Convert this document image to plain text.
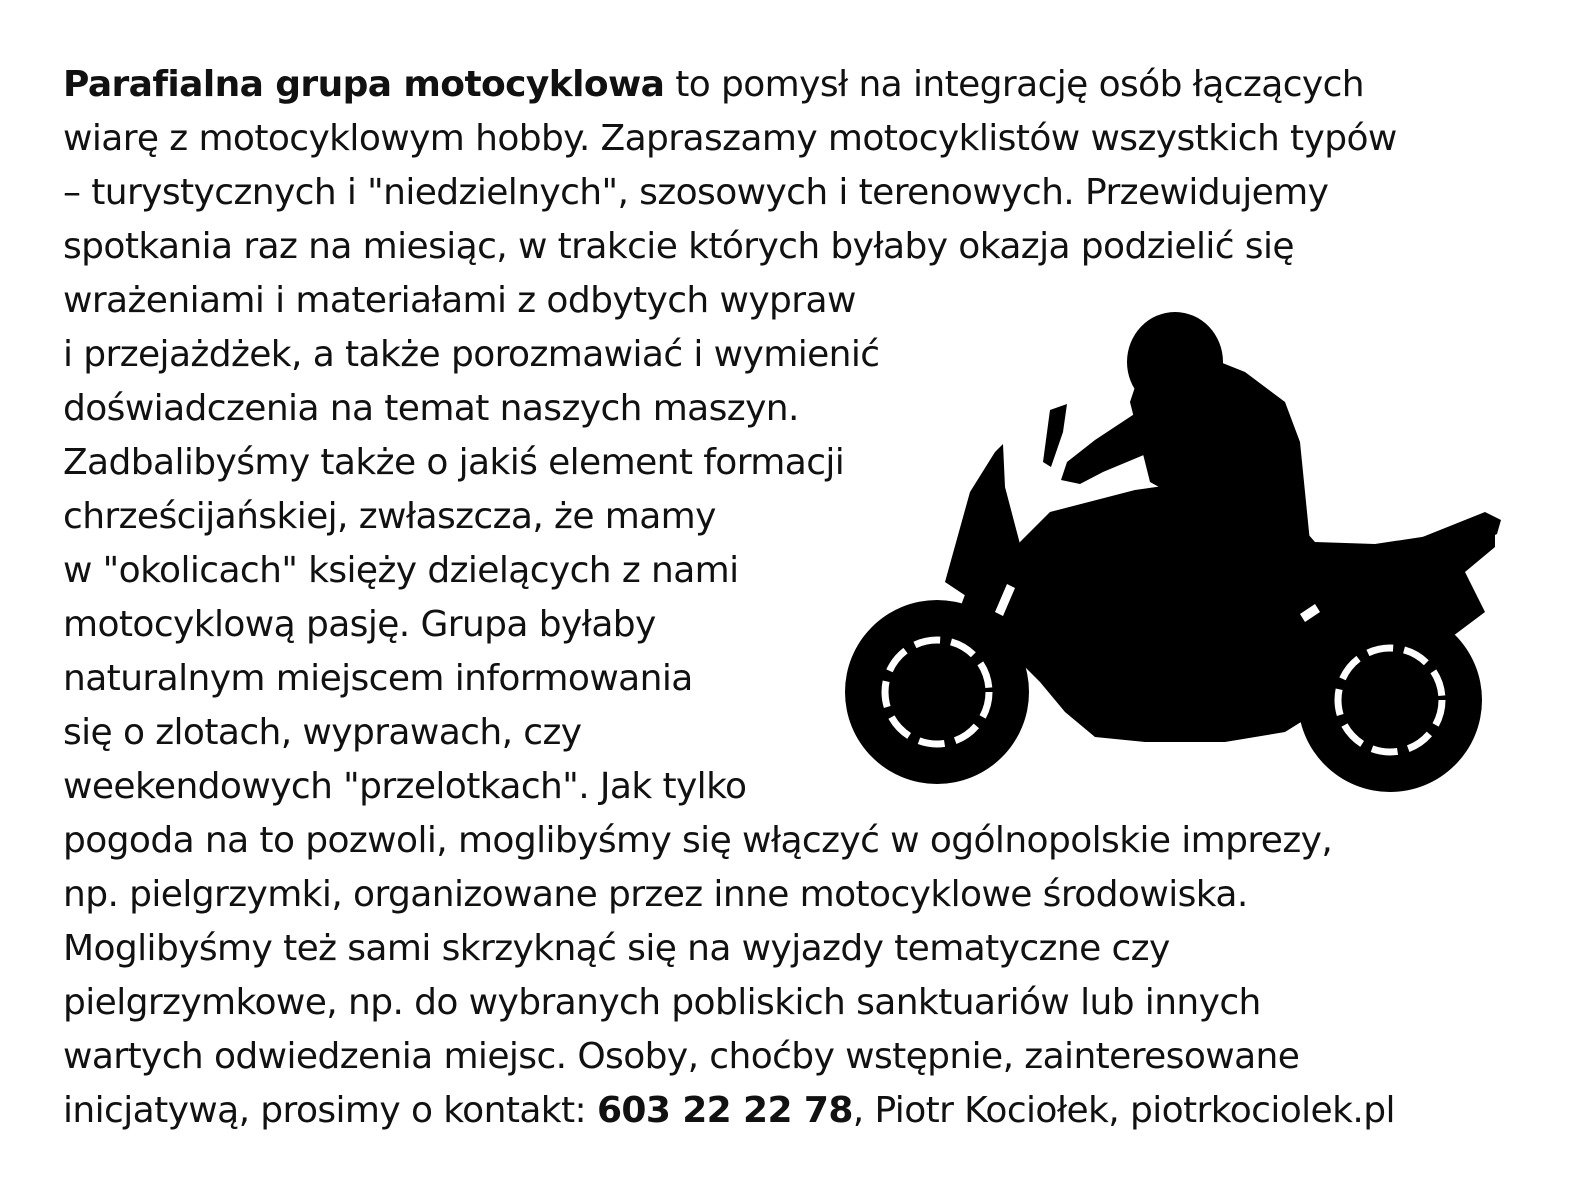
Parafialna grupa motocyklowa to pomysł na integrację osób łączących
wiarę z motocyklowym hobby. Zapraszamy motocyklistów wszystkich typów
– turystycznych i "niedzielnych", szosowych i terenowych. Przewidujemy
spotkania raz na miesiąc, w trakcie których byłaby okazja podzielić się
wrażeniami i materiałami z odbytych wypraw
i przejażdżek, a także porozmawiać i wymienić
doświadczenia na temat naszych maszyn.
Zadbalibyśmy także o jakiś element formacji
chrześcijańskiej, zwłaszcza, że mamy
w "okolicach" księży dzielących z nami
motocyklową pasję. Grupa byłaby
naturalnym miejscem informowania
się o zlotach, wyprawach, czy
weekendowych "przelotkach". Jak tylko
pogoda na to pozwoli, moglibyśmy się włączyć w ogólnopolskie imprezy,
np. pielgrzymki, organizowane przez inne motocyklowe środowiska.
Moglibyśmy też sami skrzyknąć się na wyjazdy tematyczne czy
pielgrzymkowe, np. do wybranych pobliskich sanktuariów lub innych
wartych odwiedzenia miejsc. Osoby, choćby wstępnie, zainteresowane
inicjatywą, prosimy o kontakt: 603 22 22 78, Piotr Kociołek, piotrkociolek.pl
